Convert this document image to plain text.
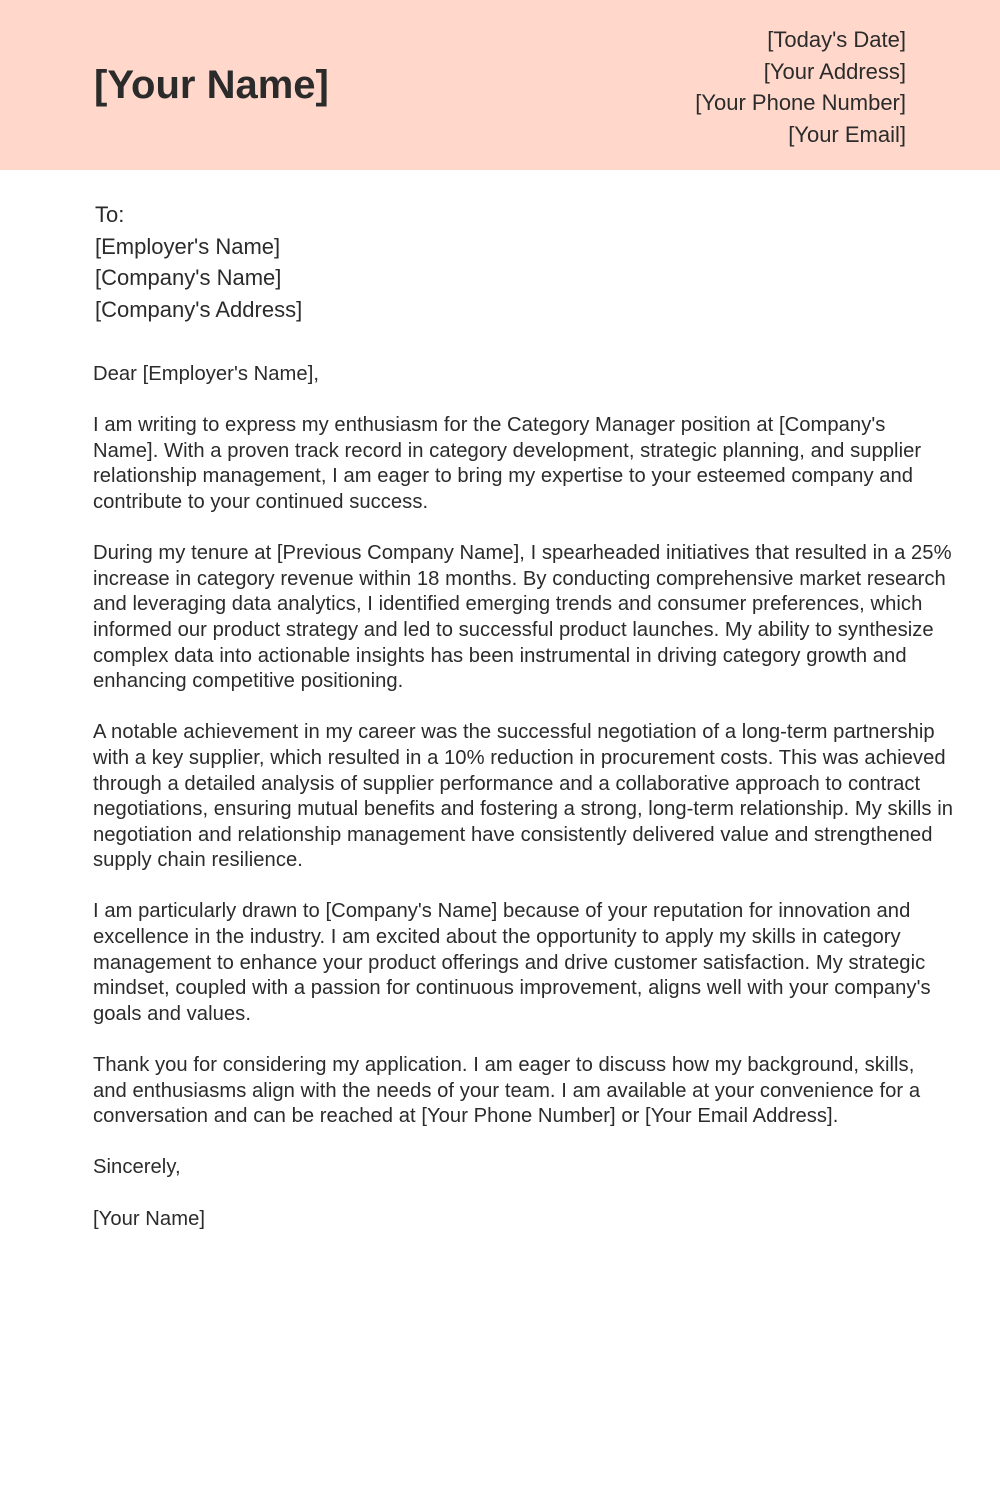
[Your Name]
[Today's Date]
[Your Address]
[Your Phone Number]
[Your Email]
To:
[Employer's Name]
[Company's Name]
[Company's Address]

Dear [Employer's Name],

I am writing to express my enthusiasm for the Category Manager position at [Company's Name]. With a proven track record in category development, strategic planning, and supplier relationship management, I am eager to bring my expertise to your esteemed company and contribute to your continued success.

During my tenure at [Previous Company Name], I spearheaded initiatives that resulted in a 25% increase in category revenue within 18 months. By conducting comprehensive market research and leveraging data analytics, I identified emerging trends and consumer preferences, which informed our product strategy and led to successful product launches. My ability to synthesize complex data into actionable insights has been instrumental in driving category growth and enhancing competitive positioning.

A notable achievement in my career was the successful negotiation of a long-term partnership with a key supplier, which resulted in a 10% reduction in procurement costs. This was achieved through a detailed analysis of supplier performance and a collaborative approach to contract negotiations, ensuring mutual benefits and fostering a strong, long-term relationship. My skills in negotiation and relationship management have consistently delivered value and strengthened supply chain resilience.

I am particularly drawn to [Company's Name] because of your reputation for innovation and excellence in the industry. I am excited about the opportunity to apply my skills in category management to enhance your product offerings and drive customer satisfaction. My strategic mindset, coupled with a passion for continuous improvement, aligns well with your company's goals and values.

Thank you for considering my application. I am eager to discuss how my background, skills, and enthusiasms align with the needs of your team. I am available at your convenience for a conversation and can be reached at [Your Phone Number] or [Your Email Address].

Sincerely,

[Your Name]
